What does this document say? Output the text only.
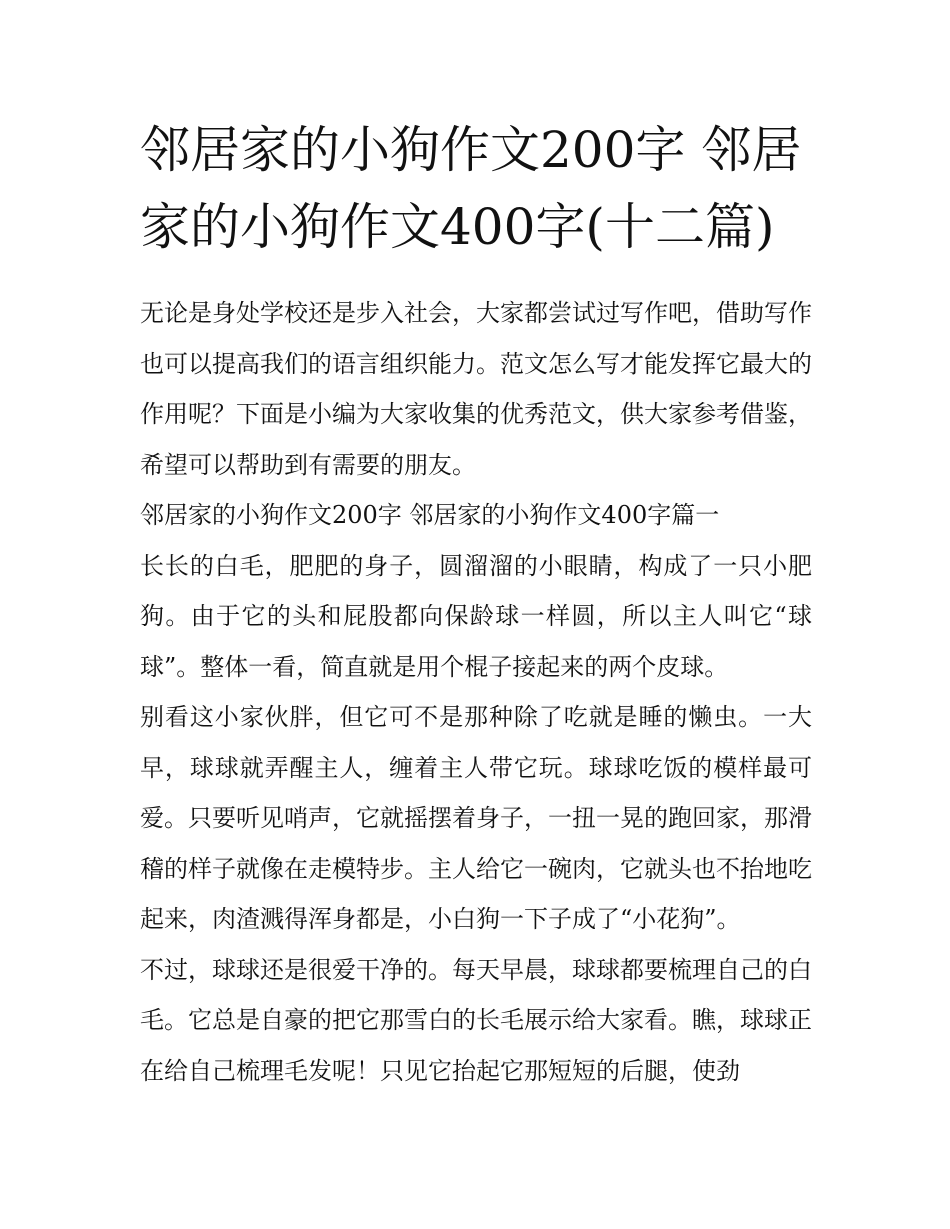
邻居家的小狗作文200字 邻居家的小狗作文400字(十二篇)

无论是身处学校还是步入社会，大家都尝试过写作吧，借助写作也可以提高我们的语言组织能力。范文怎么写才能发挥它最大的作用呢？下面是小编为大家收集的优秀范文，供大家参考借鉴，希望可以帮助到有需要的朋友。

邻居家的小狗作文200字 邻居家的小狗作文400字篇一

长长的白毛，肥肥的身子，圆溜溜的小眼睛，构成了一只小肥狗。由于它的头和屁股都向保龄球一样圆，所以主人叫它“球球”。整体一看，简直就是用个棍子接起来的两个皮球。

别看这小家伙胖，但它可不是那种除了吃就是睡的懒虫。一大早，球球就弄醒主人，缠着主人带它玩。球球吃饭的模样最可爱。只要听见哨声，它就摇摆着身子，一扭一晃的跑回家，那滑稽的样子就像在走模特步。主人给它一碗肉，它就头也不抬地吃起来，肉渣溅得浑身都是，小白狗一下子成了“小花狗”。

不过，球球还是很爱干净的。每天早晨，球球都要梳理自己的白毛。它总是自豪的把它那雪白的长毛展示给大家看。瞧，球球正在给自己梳理毛发呢！只见它抬起它那短短的后腿，使劲
